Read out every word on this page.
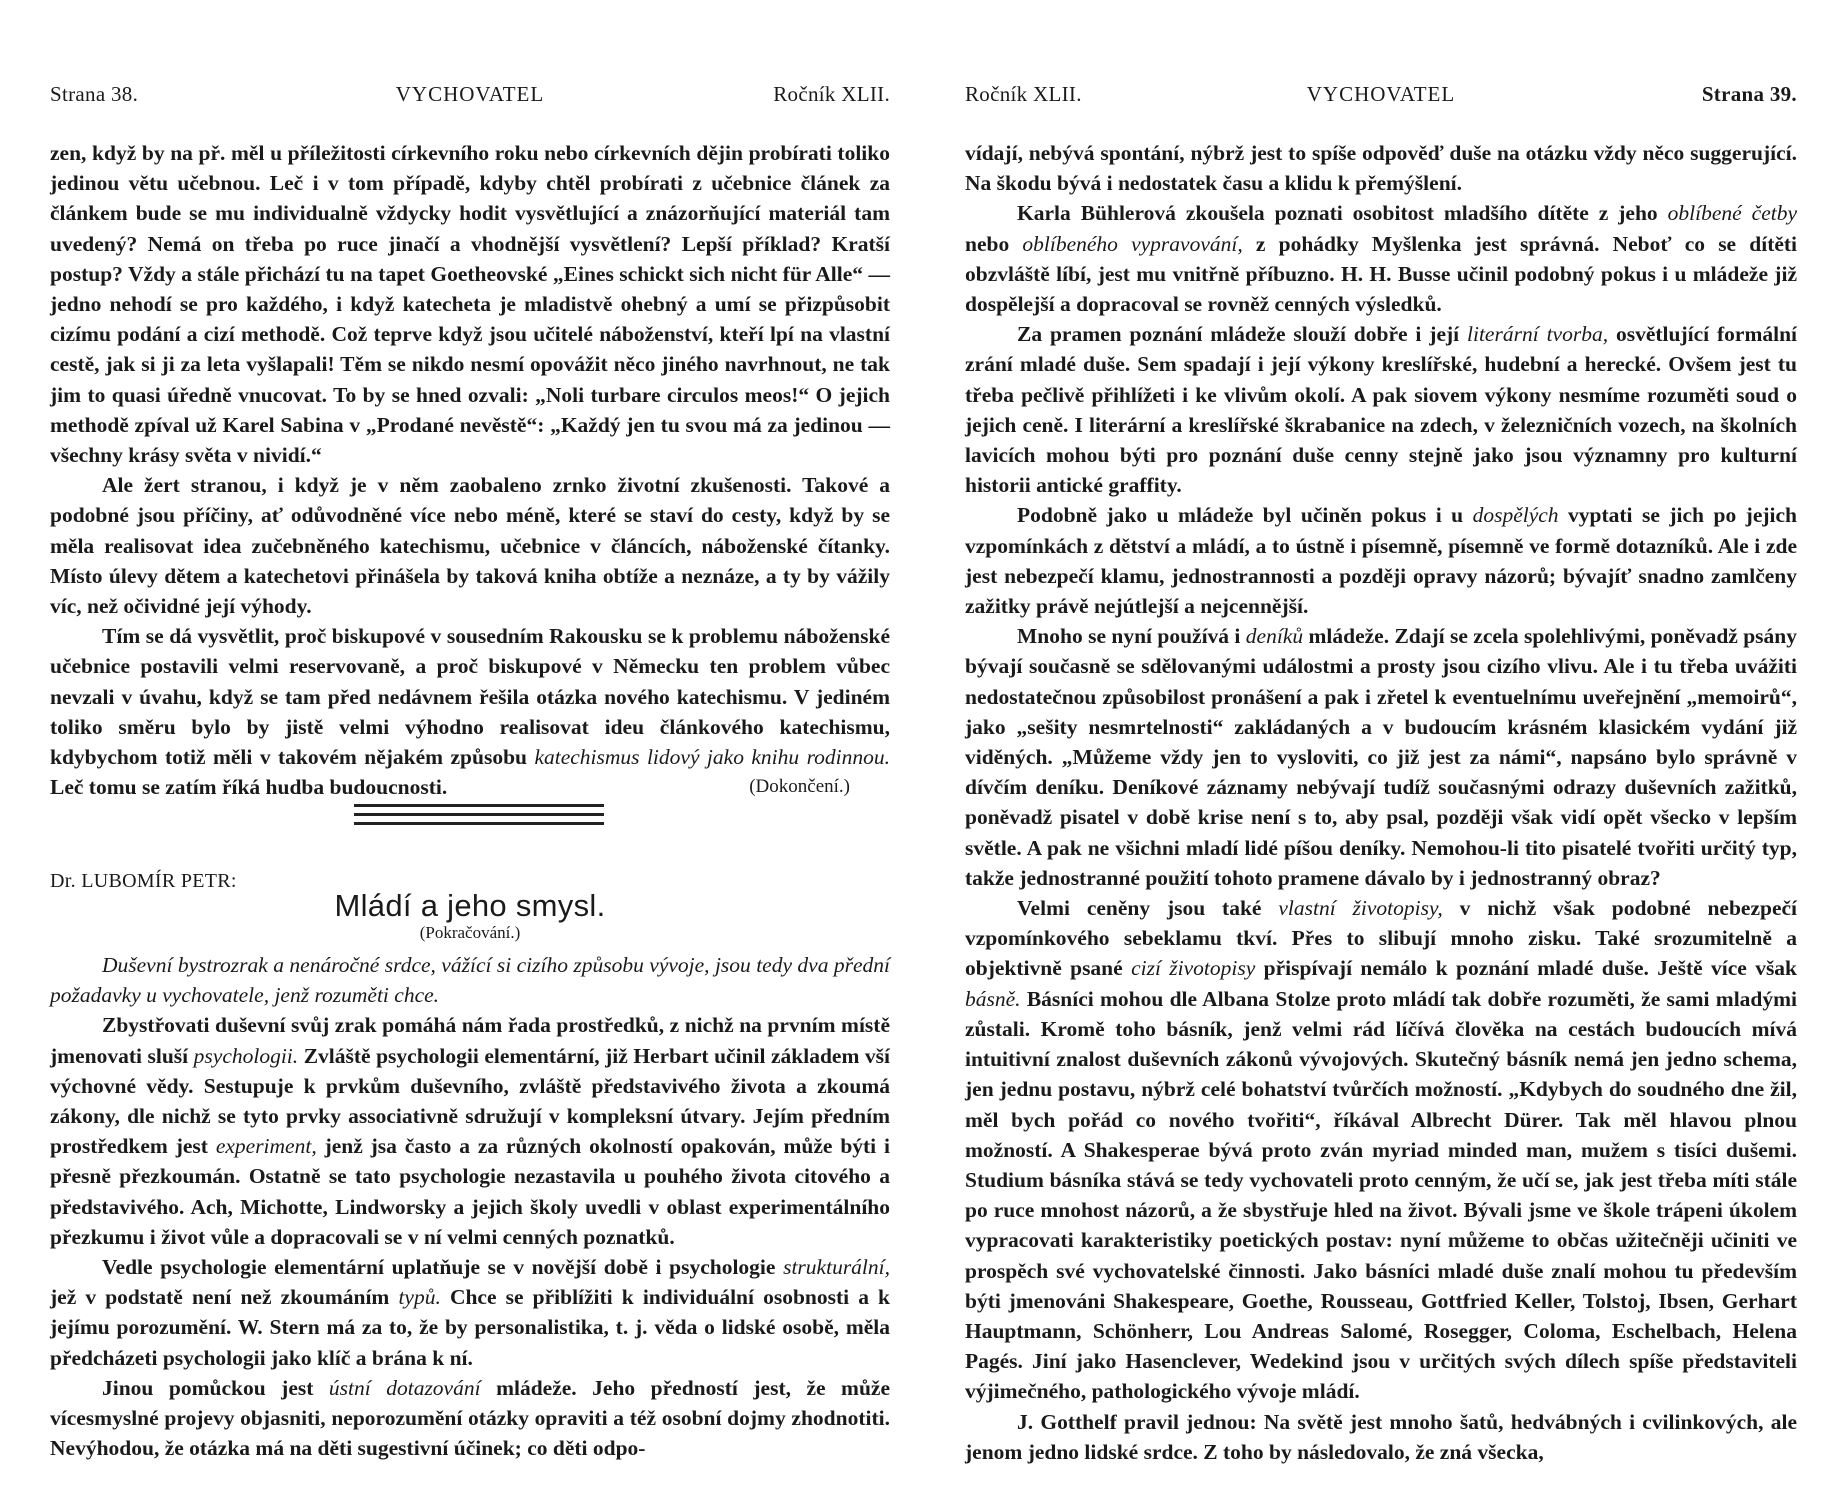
Strana 38.	VYCHOVATEL	Ročník XLII.

zen, když by na př. měl u příležitosti církevního roku nebo církevních dějin probírati toliko jedinou větu učebnou. Leč i v tom případě, kdyby chtěl probírati z učebnice článek za článkem bude se mu individualně vždycky hodit vysvětlující a znázorňující materiál tam uvedený? Nemá on třeba po ruce jinačí a vhodnější vysvětlení? Lepší příklad? Kratší postup? Vždy a stále přichází tu na tapet Goetheovské „Eines schickt sich nicht für Alle“ — jedno nehodí se pro každého, i když katecheta je mladistvě ohebný a umí se přizpůsobit cizímu podání a cizí methodě. Což teprve když jsou učitelé náboženství, kteří lpí na vlastní cestě, jak si ji za leta vyšlapali! Těm se nikdo nesmí opovážit něco jiného navrhnout, ne tak jim to quasi úředně vnucovat. To by se hned ozvali: „Noli turbare circulos meos!“ O jejich methodě zpíval už Karel Sabina v „Prodané nevěstě“: „Každý jen tu svou má za jedinou — všechny krásy světa v nividí.“

Ale žert stranou, i když je v něm zaobaleno zrnko životní zkušenosti. Takové a podobné jsou příčiny, ať odůvodněné více nebo méně, které se staví do cesty, když by se měla realisovat idea zučebněného katechismu, učebnice v článcích, náboženské čítanky. Místo úlevy dětem a katechetovi přinášela by taková kniha obtíže a neznáze, a ty by vážily víc, než očividné její výhody.

Tím se dá vysvětlit, proč biskupové v sousedním Rakousku se k problemu náboženské učebnice postavili velmi reservovaně, a proč biskupové v Německu ten problem vůbec nevzali v úvahu, když se tam před nedávnem řešila otázka nového katechismu. V jediném toliko směru bylo by jistě velmi výhodno realisovat ideu článkového katechismu, kdybychom totiž měli v takovém nějakém způsobu katechismus lidový jako knihu rodinnou. Leč tomu se zatím říká hudba budoucnosti.	(Dokončení.)

Dr. LUBOMÍR PETR:
Mládí a jeho smysl.
(Pokračování.)

Duševní bystrozrak a nenáročné srdce, vážící si cizího způsobu vývoje, jsou tedy dva přední požadavky u vychovatele, jenž rozuměti chce.

Zbystřovati duševní svůj zrak pomáhá nám řada prostředků, z nichž na prvním místě jmenovati sluší psychologii. Zvláště psychologii elementární, již Herbart učinil základem vší výchovné vědy. Sestupuje k prvkům duševního, zvláště představivého života a zkoumá zákony, dle nichž se tyto prvky associativně sdružují v kompleksní útvary. Jejím předním prostředkem jest experiment, jenž jsa často a za různých okolností opakován, může býti i přesně přezkoumán. Ostatně se tato psychologie nezastavila u pouhého života citového a představivého. Ach, Michotte, Lindworsky a jejich školy uvedli v oblast experimentálního přezkumu i život vůle a dopracovali se v ní velmi cenných poznatků.

Vedle psychologie elementární uplatňuje se v novější době i psychologie strukturální, jež v podstatě není než zkoumáním typů. Chce se přiblížiti k individuální osobnosti a k jejímu porozumění. W. Stern má za to, že by personalistika, t. j. věda o lidské osobě, měla předcházeti psychologii jako klíč a brána k ní.

Jinou pomůckou jest ústní dotazování mládeže. Jeho předností jest, že může vícesmyslné projevy objasniti, neporozumění otázky opraviti a též osobní dojmy zhodnotiti. Nevýhodou, že otázka má na děti sugestivní účinek; co děti odpo-

Ročník XLII.	VYCHOVATEL	Strana 39.

vídají, nebývá spontání, nýbrž jest to spíše odpověď duše na otázku vždy něco suggerující. Na škodu bývá i nedostatek času a klidu k přemýšlení.

Karla Bühlerová zkoušela poznati osobitost mladšího dítěte z jeho oblíbené četby nebo oblíbeného vypravování, z pohádky Myšlenka jest správná. Neboť co se dítěti obzvláště líbí, jest mu vnitřně příbuzno. H. H. Busse učinil podobný pokus i u mládeže již dospělejší a dopracoval se rovněž cenných výsledků.

Za pramen poznání mládeže slouží dobře i její literární tvorba, osvětlující formální zrání mladé duše. Sem spadají i její výkony kreslířské, hudební a herecké. Ovšem jest tu třeba pečlivě přihlížeti i ke vlivům okolí. A pak siovem výkony nesmíme rozuměti soud o jejich ceně. I literární a kreslířské škrabanice na zdech, v železničních vozech, na školních lavicích mohou býti pro poznání duše cenny stejně jako jsou významny pro kulturní historii antické graffity.

Podobně jako u mládeže byl učiněn pokus i u dospělých vyptati se jich po jejich vzpomínkách z dětství a mládí, a to ústně i písemně, písemně ve formě dotazníků. Ale i zde jest nebezpečí klamu, jednostrannosti a později opravy názorů; bývajíť snadno zamlčeny zažitky právě nejútlejší a nejcennější.

Mnoho se nyní používá i deníků mládeže. Zdají se zcela spolehlivými, poněvadž psány bývají současně se sdělovanými událostmi a prosty jsou cizího vlivu. Ale i tu třeba uvážiti nedostatečnou způsobilost pronášení a pak i zřetel k eventuelnímu uveřejnění „memoirů“, jako „sešity nesmrtelnosti“ zakládaných a v budoucím krásném klasickém vydání již viděných. „Můžeme vždy jen to vysloviti, co již jest za námi“, napsáno bylo správně v dívčím deníku. Deníkové záznamy nebývají tudíž současnými odrazy duševních zažitků, poněvadž pisatel v době krise není s to, aby psal, později však vidí opět všecko v lepším světle. A pak ne všichni mladí lidé píšou deníky. Nemohou-li tito pisatelé tvořiti určitý typ, takže jednostranné použití tohoto pramene dávalo by i jednostranný obraz?

Velmi ceněny jsou také vlastní životopisy, v nichž však podobné nebezpečí vzpomínkového sebeklamu tkví. Přes to slibují mnoho zisku. Také srozumitelně a objektivně psané cizí životopisy přispívají nemálo k poznání mladé duše. Ještě více však básně. Básníci mohou dle Albana Stolze proto mládí tak dobře rozuměti, že sami mladými zůstali. Kromě toho básník, jenž velmi rád líčívá člověka na cestách budoucích mívá intuitivní znalost duševních zákonů vývojových. Skutečný básník nemá jen jedno schema, jen jednu postavu, nýbrž celé bohatství tvůrčích možností. „Kdybych do soudného dne žil, měl bych pořád co nového tvořiti“, říkával Albrecht Dürer. Tak měl hlavou plnou možností. A Shakesperae bývá proto zván myriad minded man, mužem s tisíci dušemi. Studium básníka stává se tedy vychovateli proto cenným, že učí se, jak jest třeba míti stále po ruce mnohost názorů, a že sbystřuje hled na život. Bývali jsme ve škole trápeni úkolem vypracovati karakteristiky poetických postav: nyní můžeme to občas užitečněji učiniti ve prospěch své vychovatelské činnosti. Jako básníci mladé duše znalí mohou tu především býti jmenováni Shakespeare, Goethe, Rousseau, Gottfried Keller, Tolstoj, Ibsen, Gerhart Hauptmann, Schönherr, Lou Andreas Salomé, Rosegger, Coloma, Eschelbach, Helena Pagés. Jiní jako Hasenclever, Wedekind jsou v určitých svých dílech spíše představiteli výjimečného, pathologického vývoje mládí.

J. Gotthelf pravil jednou: Na světě jest mnoho šatů, hedvábných i cvilinkových, ale jenom jedno lidské srdce. Z toho by následovalo, že zná všecka,
